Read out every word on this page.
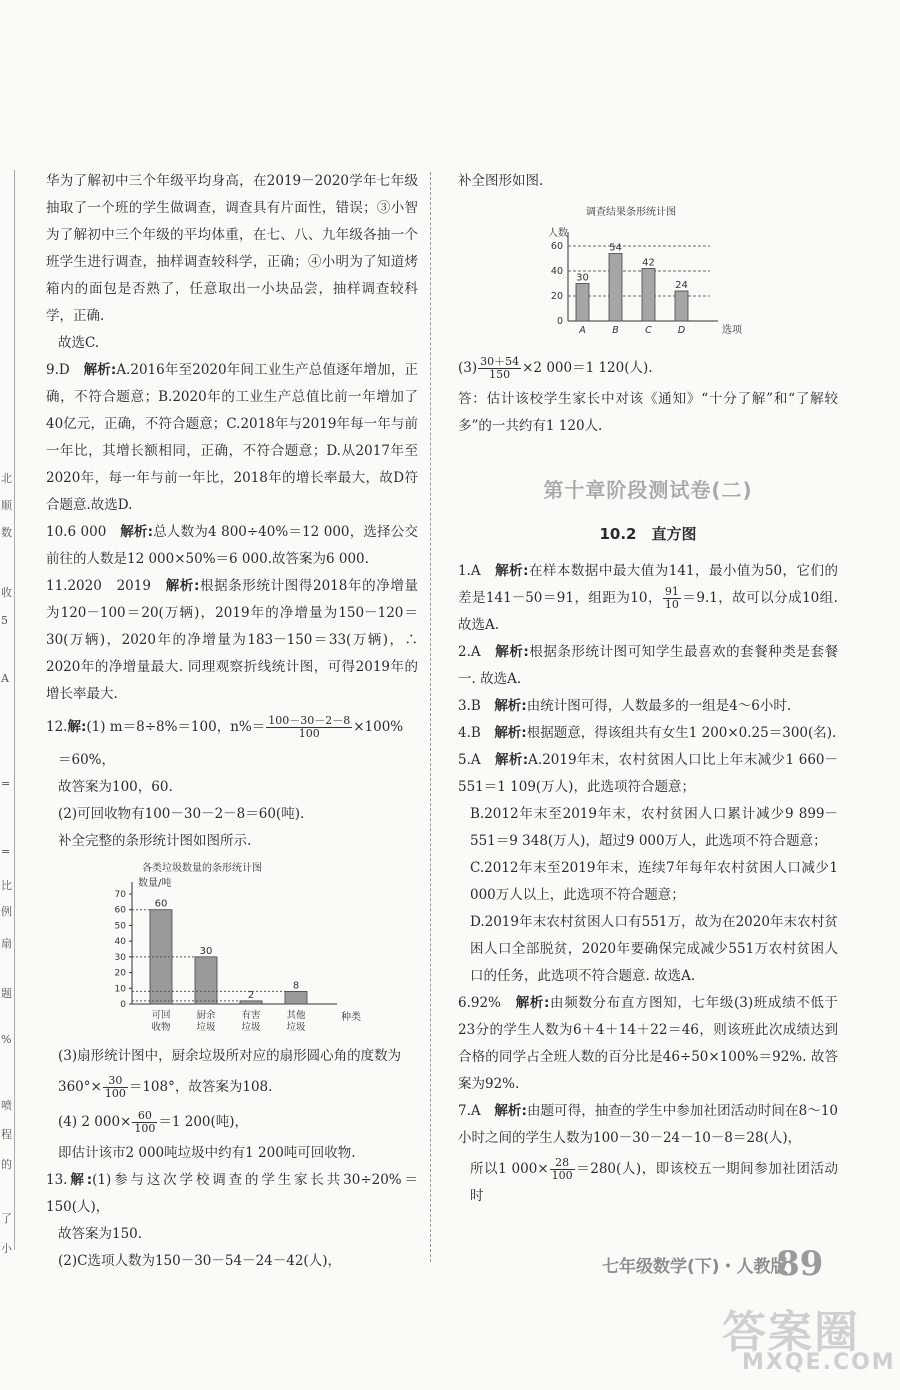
北
顺
数
收
5
A
=
=
比
例
扇
题
%
喷
程
的
了
小

华为了解初中三个年级平均身高，在2019－2020学年七年级抽取了一个班的学生做调查，调查具有片面性，错误；③小智为了解初中三个年级的平均体重，在七、八、九年级各抽一个班学生进行调查，抽样调查较科学，正确；④小明为了知道烤箱内的面包是否熟了，任意取出一小块品尝，抽样调查较科学，正确.

故选C.

9.D　 解析:A.2016年至2020年间工业生产总值逐年增加，正确，不符合题意；B.2020年的工业生产总值比前一年增加了40亿元，正确，不符合题意；C.2018年与2019年每一年与前一年比，其增长额相同，正确，不符合题意；D.从2017年至2020年，每一年与前一年比，2018年的增长率最大，故D符合题意.故选D.

10.6 000　 解析:总人数为4 800÷40%＝12 000，选择公交前往的人数是12 000×50%＝6 000.故答案为6 000.

11.2020　2019　 解析:根据条形统计图得2018年的净增量为120－100＝20(万辆)，2019年的净增量为150－120＝30(万辆)，2020年的净增量为183－150＝33(万辆)，∴ 2020年的净增量最大. 同理观察折线统计图，可得2019年的增长率最大.

12.解:(1) m＝8÷8%＝100，$n\%= \frac{100-30-2-8}{100} \times 100\%$

＝60%，

故答案为100，60.

(2)可回收物有100－30－2－8＝60(吨).

补全完整的条形统计图如图所示.

各类垃圾数量的条形统计图
数量/吨
种类
0
10
20
30
40
50
60
70
60
可回
收物
30
厨余
垃圾
2
有害
垃圾
8
其他
垃圾

(3)扇形统计图中，厨余垃圾所对应的扇形圆心角的度数为

$360^\circ\times \frac{30}{100} =108^\circ$，故答案为108.

(4) 2 $000\times \frac{60}{100} =1$ 200(吨)，

即估计该市2 000吨垃圾中约有1 200吨可回收物.

13.解:(1)参与这次学校调查的学生家长共30÷20%＝150(人)，

故答案为150.

(2)C选项人数为150－30－54－24－42(人)，

补全图形如图.

调查结果条形统计图
人数
选项
0
20
40
60
30
A
54
B
42
C
24
D

$(3) \frac{30+54}{150} \times 2$ 000＝1 120(人).

答：估计该校学生家长中对该《通知》“十分了解”和“了解较多”的一共约有1 120人.

第十章阶段测试卷(二)
10.2　直方图

1.A　 解析:在样本数据中最大值为141，最小值为50，它们的差是141－50＝91，组距为10， $\frac{91}{10} =9.1$，故可以分成10组. 故选A.

2.A　 解析:根据条形统计图可知学生最喜欢的套餐种类是套餐一. 故选A.

3.B　 解析:由统计图可得，人数最多的一组是4～6小时.

4.B　 解析:根据题意，得该组共有女生1 200×0.25＝300(名).

5.A　 解析:A.2019年末，农村贫困人口比上年末减少1 660－551＝1 109(万人)，此选项符合题意；

B.2012年末至2019年末，农村贫困人口累计减少9 899－551＝9 348(万人)，超过9 000万人，此选项不符合题意；

C.2012年末至2019年末，连续7年每年农村贫困人口减少1 000万人以上，此选项不符合题意；

D.2019年末农村贫困人口有551万，故为在2020年末农村贫困人口全部脱贫，2020年要确保完成减少551万农村贫困人口的任务，此选项不符合题意. 故选A.

6.92%　 解析:由频数分布直方图知，七年级(3)班成绩不低于23分的学生人数为6＋4＋14＋22＝46，则该班此次成绩达到合格的同学占全班人数的百分比是46÷50×100%＝92%. 故答案为92%.

7.A　 解析:由题可得，抽查的学生中参加社团活动时间在8～10小时之间的学生人数为100－30－24－10－8＝28(人)，

所以1 $000\times \frac{28}{100} =280$(人)，即该校五一期间参加社团活动时

七年级数学(下)・人教版
89
答案圈
MXQE.COM
